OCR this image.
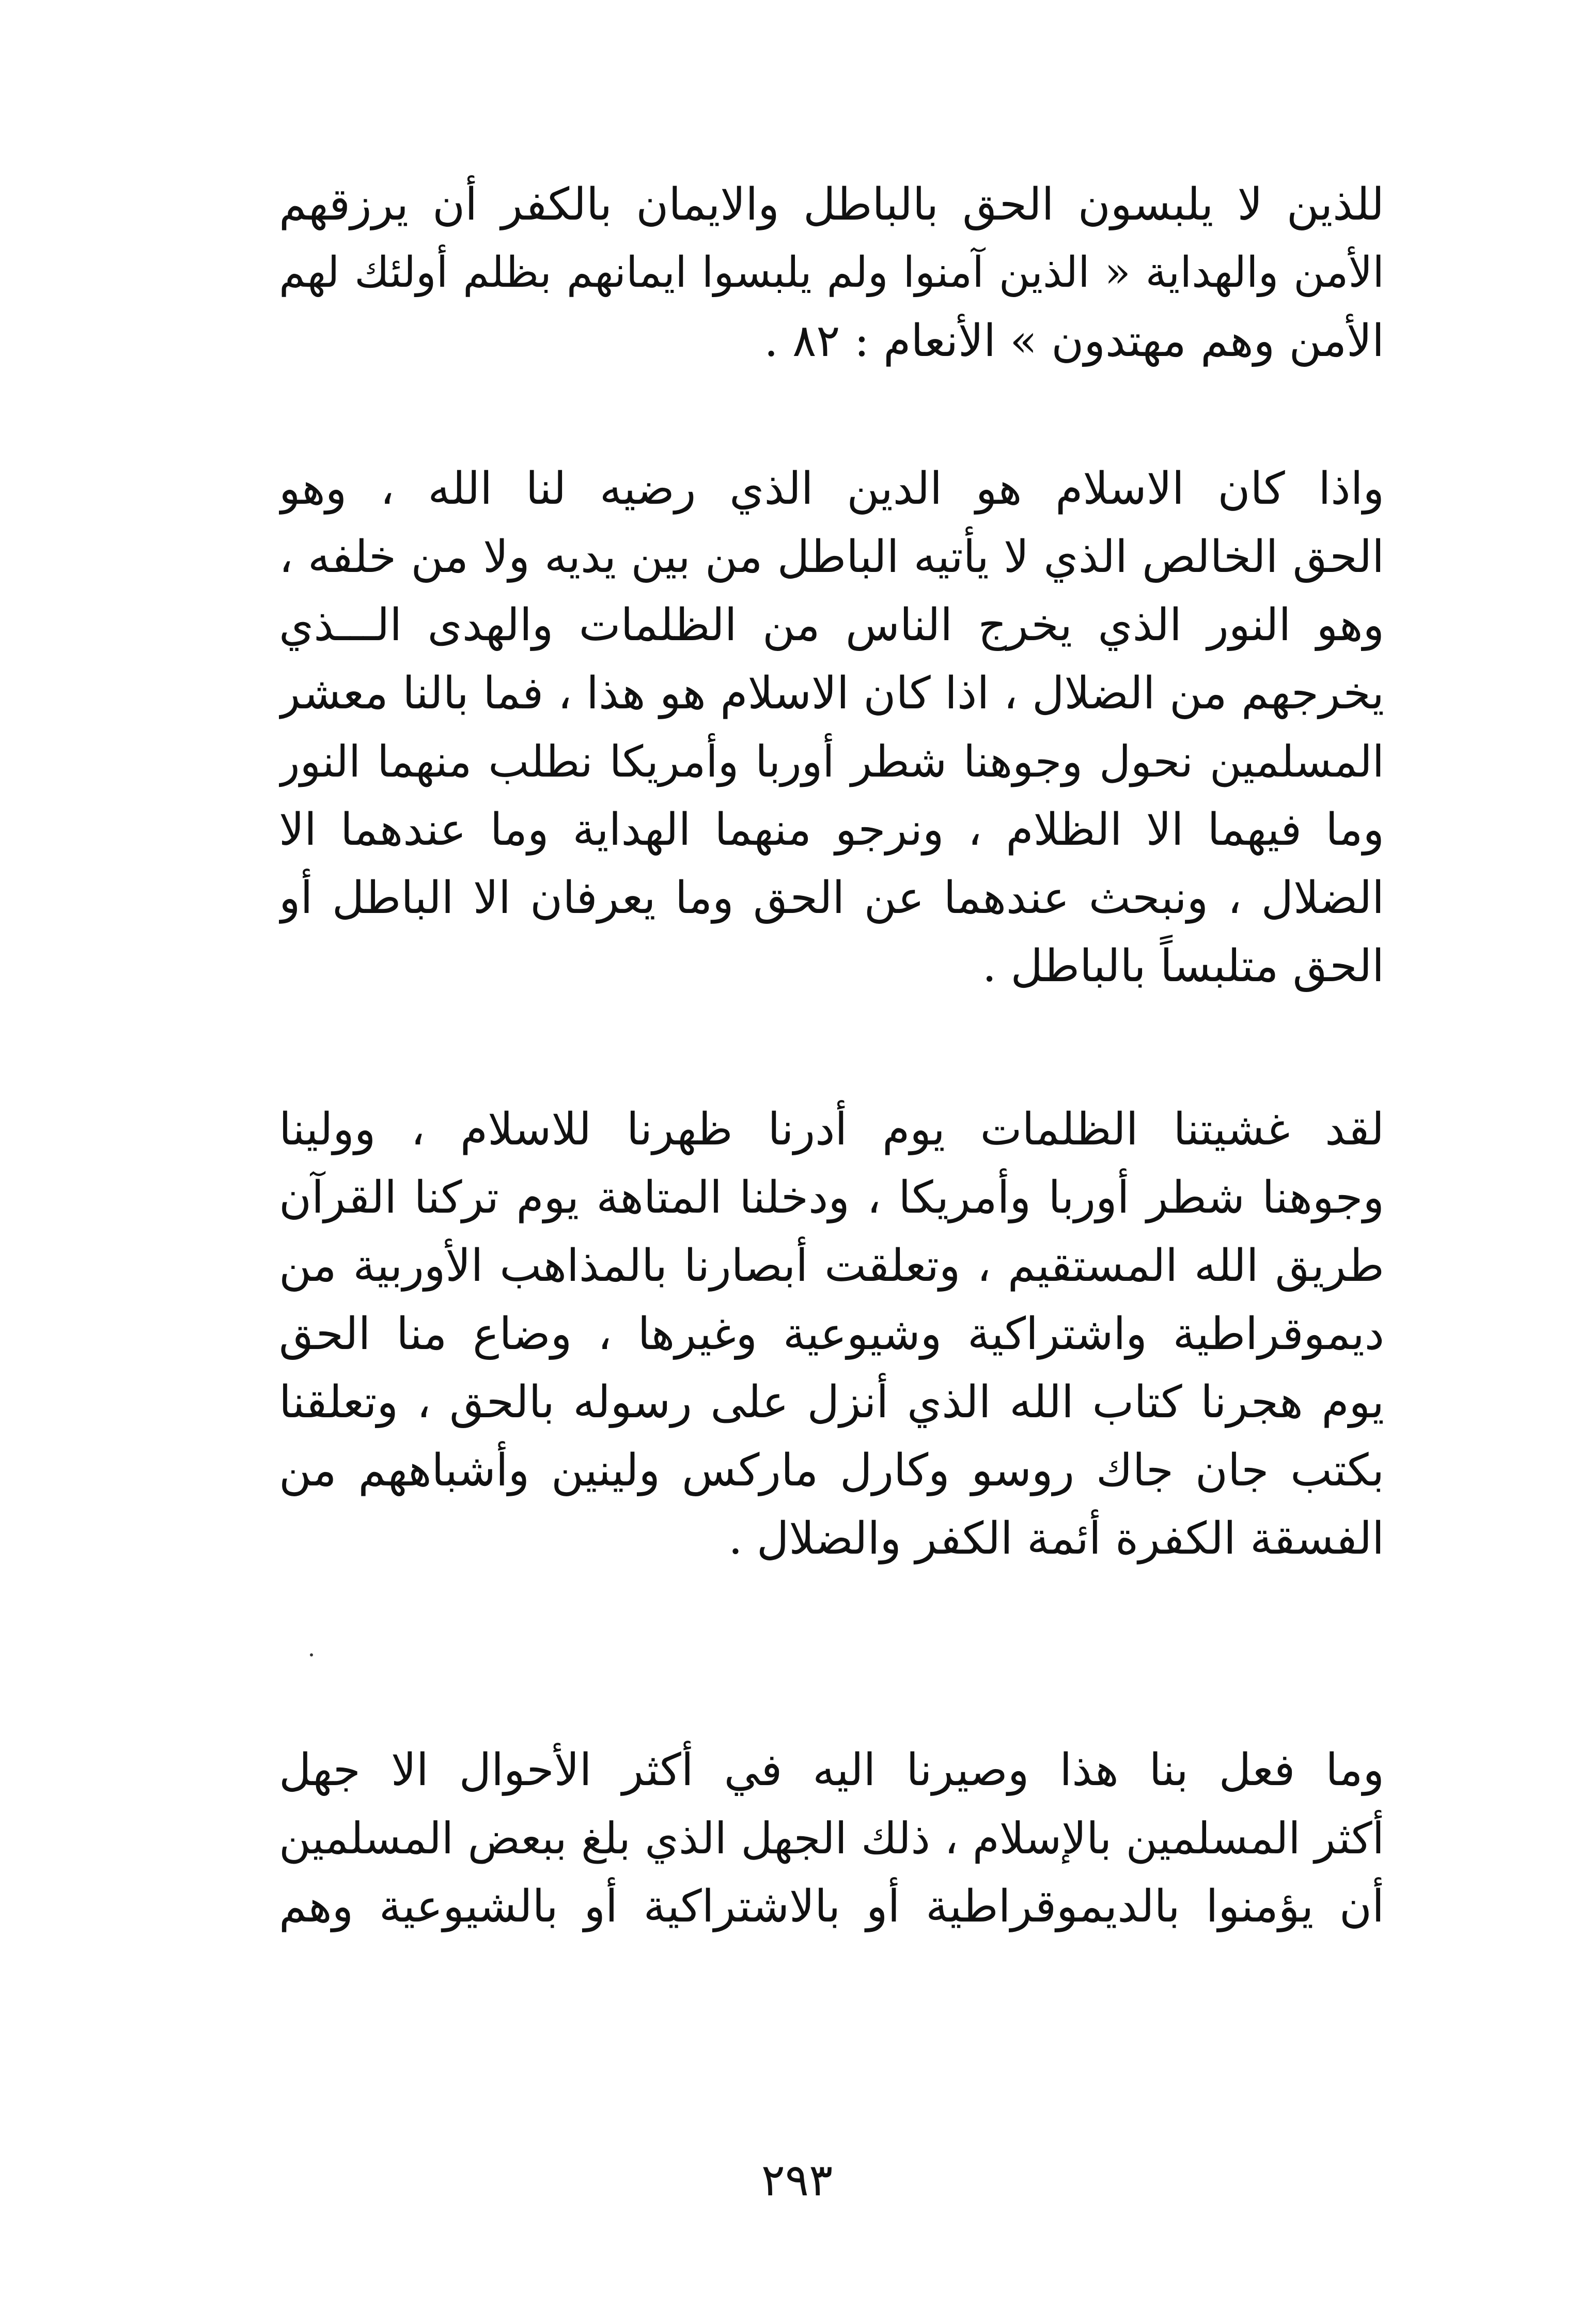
للذين لا يلبسون الحق بالباطل والايمان بالكفر أن يرزقهم
الأمن والهداية « الذين آمنوا ولم يلبسوا ايمانهم بظلم أولئك لهم
الأمن وهم مهتدون » الأنعام : ٨٢ .
واذا كان الاسلام هو الدين الذي رضيه لنا الله ، وهو
الحق الخالص الذي لا يأتيه الباطل من بين يديه ولا من خلفه ،
وهو النور الذي يخرج الناس من الظلمات والهدى الـــذي
يخرجهم من الضلال ، اذا كان الاسلام هو هذا ، فما بالنا معشر
المسلمين نحول وجوهنا شطر أوربا وأمريكا نطلب منهما النور
وما فيهما الا الظلام ، ونرجو منهما الهداية وما عندهما الا
الضلال ، ونبحث عندهما عن الحق وما يعرفان الا الباطل أو
الحق متلبساً بالباطل .
لقد غشيتنا الظلمات يوم أدرنا ظهرنا للاسلام ، وولينا
وجوهنا شطر أوربا وأمريكا ، ودخلنا المتاهة يوم تركنا القرآن
طريق الله المستقيم ، وتعلقت أبصارنا بالمذاهب الأوربية من
ديموقراطية واشتراكية وشيوعية وغيرها ، وضاع منا الحق
يوم هجرنا كتاب الله الذي أنزل على رسوله بالحق ، وتعلقنا
بكتب جان جاك روسو وكارل ماركس ولينين وأشباههم من
الفسقة الكفرة أئمة الكفر والضلال .
وما فعل بنا هذا وصيرنا اليه في أكثر الأحوال الا جهل
أكثر المسلمين بالإسلام ، ذلك الجهل الذي بلغ ببعض المسلمين
أن يؤمنوا بالديموقراطية أو بالاشتراكية أو بالشيوعية وهم
٢٩٣
